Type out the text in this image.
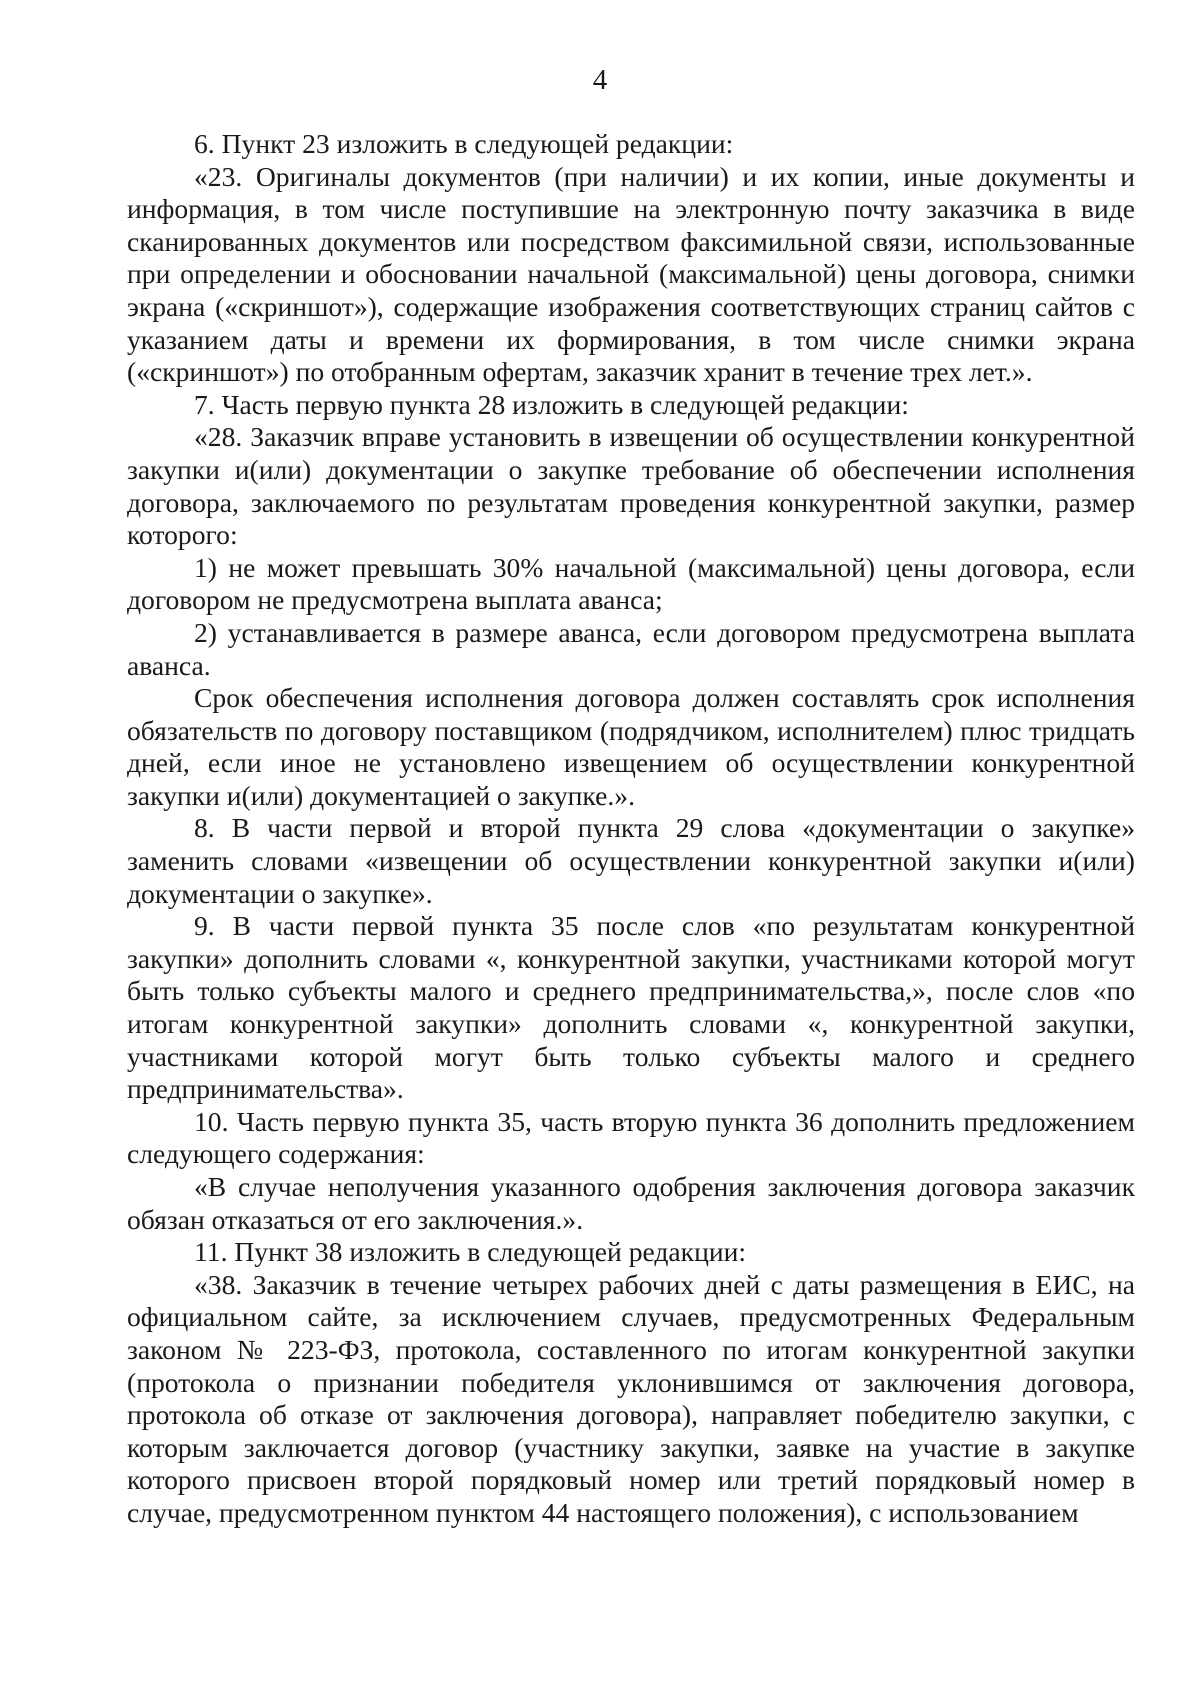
4

6. Пункт 23 изложить в следующей редакции:

«23. Оригиналы документов (при наличии) и их копии, иные документы и информация, в том числе поступившие на электронную почту заказчика в виде сканированных документов или посредством факсимильной связи, использованные при определении и обосновании начальной (максимальной) цены договора, снимки экрана («скриншот»), содержащие изображения соответствующих страниц сайтов с указанием даты и времени их формирования, в том числе снимки экрана («скриншот») по отобранным офертам, заказчик хранит в течение трех лет.».

7. Часть первую пункта 28 изложить в следующей редакции:

«28. Заказчик вправе установить в извещении об осуществлении конкурентной закупки и(или) документации о закупке требование об обеспечении исполнения договора, заключаемого по результатам проведения конкурентной закупки, размер которого:

1) не может превышать 30% начальной (максимальной) цены договора, если договором не предусмотрена выплата аванса;

2) устанавливается в размере аванса, если договором предусмотрена выплата аванса.

Срок обеспечения исполнения договора должен составлять срок исполнения обязательств по договору поставщиком (подрядчиком, исполнителем) плюс тридцать дней, если иное не установлено извещением об осуществлении конкурентной закупки и(или) документацией о закупке.».

8. В части первой и второй пункта 29 слова «документации о закупке» заменить словами «извещении об осуществлении конкурентной закупки и(или) документации о закупке».

9. В части первой пункта 35 после слов «по результатам конкурентной закупки» дополнить словами «, конкурентной закупки, участниками которой могут быть только субъекты малого и среднего предпринимательства,», после слов «по итогам конкурентной закупки» дополнить словами «, конкурентной закупки, участниками которой могут быть только субъекты малого и среднего предпринимательства».

10. Часть первую пункта 35, часть вторую пункта 36 дополнить предложением следующего содержания:

«В случае неполучения указанного одобрения заключения договора заказчик обязан отказаться от его заключения.».

11. Пункт 38 изложить в следующей редакции:

«38. Заказчик в течение четырех рабочих дней с даты размещения в ЕИС, на официальном сайте, за исключением случаев, предусмотренных Федеральным законом № 223-ФЗ, протокола, составленного по итогам конкурентной закупки (протокола о признании победителя уклонившимся от заключения договора, протокола об отказе от заключения договора), направляет победителю закупки, с которым заключается договор (участнику закупки, заявке на участие в закупке которого присвоен второй порядковый номер или третий порядковый номер в случае, предусмотренном пунктом 44 настоящего положения), с использованием
